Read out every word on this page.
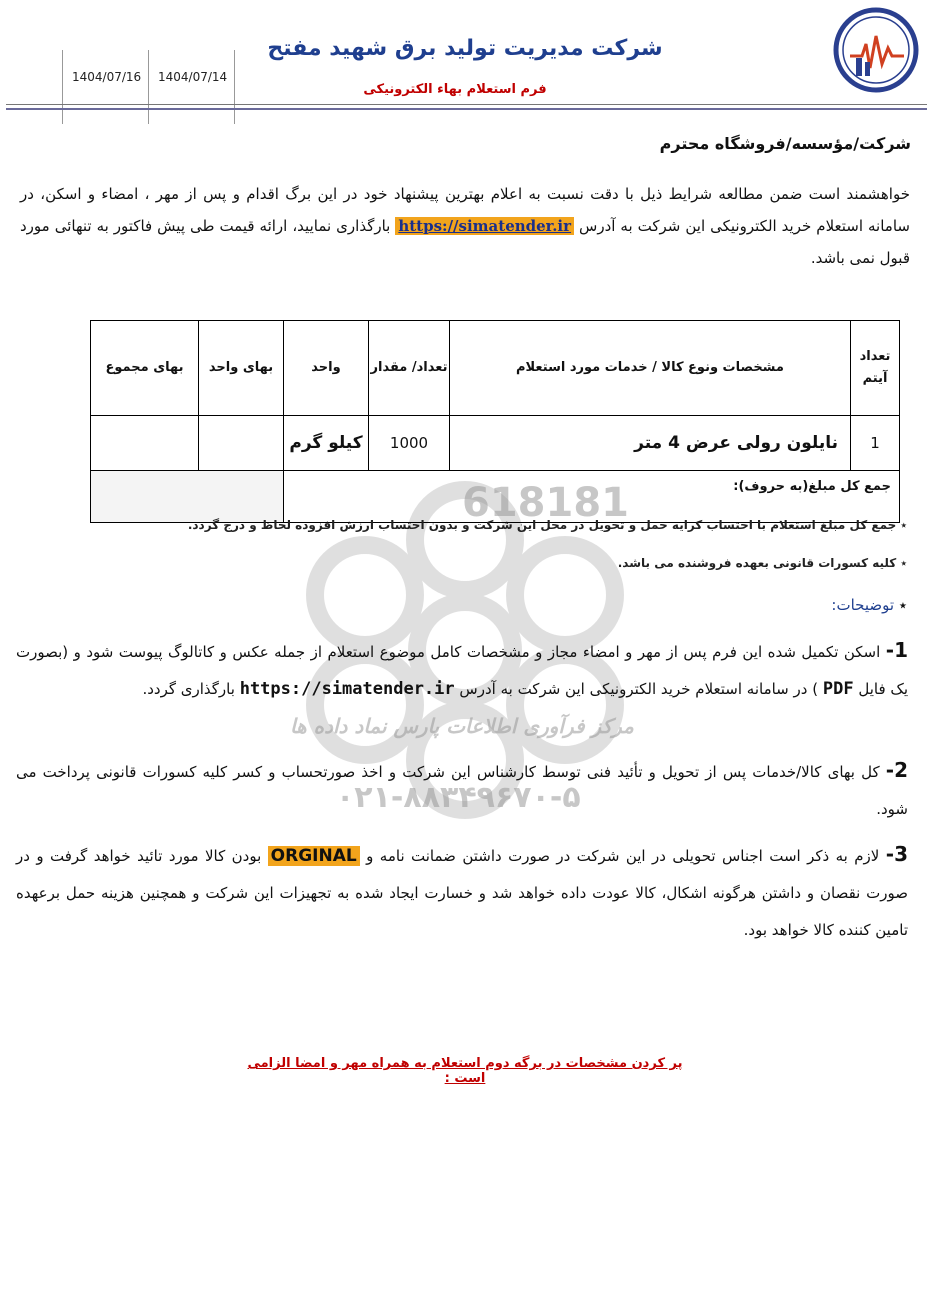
شرکت مدیریت تولید برق شهید مفتح
فرم استعلام بهاء الکترونیکی
1404/07/16 1404/07/14
618181
مرکز فرآوری اطلاعات پارس نماد داده ها
۰۲۱-۸۸۳۴۹۶۷۰-۵
شرکت/مؤسسه/فروشگاه محترم
خواهشمند است ضمن مطالعه شرایط ذیل با دقت نسبت به اعلام بهترین پیشنهاد خود در این برگ اقدام و پس از مهر ، امضاء و اسکن، در سامانه استعلام خرید الکترونیکی این شرکت به آدرس https://simatender.ir بارگذاری نمایید، ارائه قیمت طی پیش فاکتور به تنهائی مورد قبول نمی باشد.
تعداد آیتم	مشخصات ونوع کالا / خدمات مورد استعلام	تعداد/ مقدار	واحد	بهای واحد	بهای مجموع
1	نایلون رولی عرض 4 متر	1000	کیلو گرم		
جمع کل مبلغ(به حروف):					
٭ جمع کل مبلغ استعلام با احتساب کرایه حمل و تحویل در محل این شرکت و بدون احتساب ارزش افزوده لحاظ و درج گردد.
٭ کلیه کسورات قانونی بعهده فروشنده می باشد.
٭ توضیحات:
1- اسکن تکمیل شده این فرم پس از مهر و امضاء مجاز و مشخصات کامل موضوع استعلام از جمله عکس و کاتالوگ پیوست شود و (بصورت یک فایل PDF ) در سامانه استعلام خرید الکترونیکی این شرکت به آدرس https://simatender.ir بارگذاری گردد.
2- کل بهای کالا/خدمات پس از تحویل و تأئید فنی توسط کارشناس این شرکت و اخذ صورتحساب و کسر کلیه کسورات قانونی پرداخت می شود.
3- لازم به ذکر است اجناس تحویلی در این شرکت در صورت داشتن ضمانت نامه و ORGINAL بودن کالا مورد تائید خواهد گرفت و در صورت نقصان و داشتن هرگونه اشکال، کالا عودت داده خواهد شد و خسارت ایجاد شده به تجهیزات این شرکت و همچنین هزینه حمل برعهده تامین کننده کالا خواهد بود.
پر کردن مشخصات در برگه دوم استعلام به همراه مهر و امضا الزامی است :
